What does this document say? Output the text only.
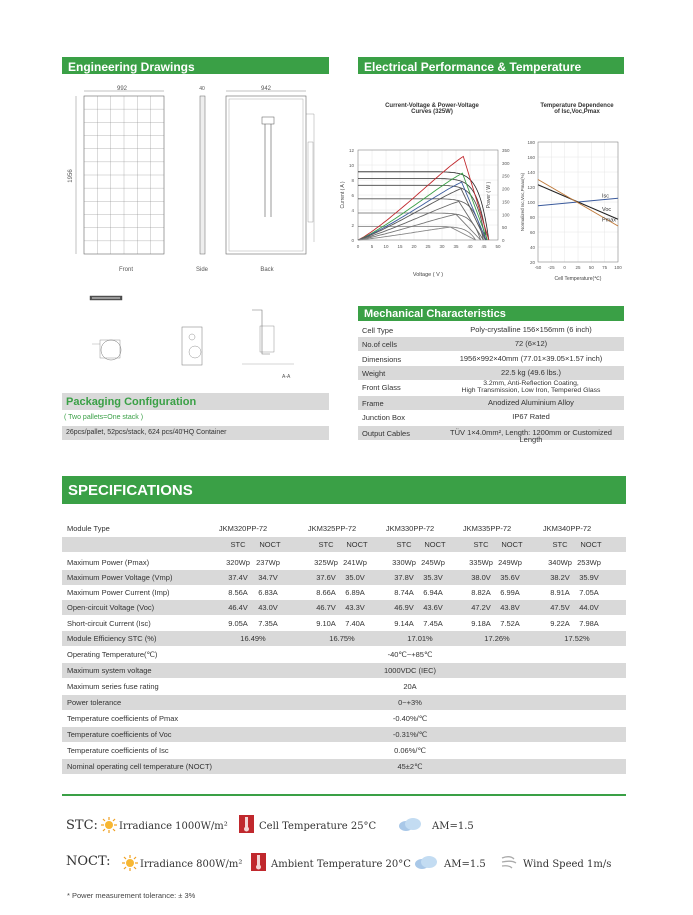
Engineering Drawings	Electrical Performance & Temperature Dependence
992
1956
40	942
Front	Side	Back
A-A
Current-Voltage & Power-Voltage
Curves (325W)
0
2
4
6
8
10
12
0
50
100
150
200
250
300
350
0	5 10 15 20 25 30 35 40 45 50
Voltage ( V )
Current ( A )	Power ( W )
Temperature Dependence
of Isc,Voc,Pmax
20
40
60
80
100
120
140
160
180
-50 -25 0 25 50 75 100
Isc
Voc
Pmax
Cell Temperature(℃)
Normalized Isc,Voc,Pmax(%)
Mechanical Characteristics
Cell Type	Poly-crystalline 156×156mm (6 inch)
No.of cells	72 (6×12)
Dimensions	1956×992×40mm (77.01×39.05×1.57 inch)
Weight	22.5 kg (49.6 lbs.)
Front Glass	3.2mm, Anti-Reflection Coating,
High Transmission, Low Iron, Tempered Glass
Frame	Anodized Aluminium Alloy
Junction Box	IP67 Rated
Output Cables	TÜV 1×4.0mm², Length: 1200mm or Customized Length
Packaging Configuration
( Two pallets=One stack )
26pcs/pallet, 52pcs/stack, 624 pcs/40'HQ Container
SPECIFICATIONS
Module Type	JKM320PP-72	JKM325PP-72	JKM330PP-72	JKM335PP-72	JKM340PP-72
STC	NOCT	STC	NOCT	STC	NOCT	STC	NOCT	STC	NOCT
Maximum Power (Pmax)	320Wp 237Wp	325Wp 241Wp	330Wp 245Wp	335Wp 249Wp	340Wp 253Wp
Maximum Power Voltage (Vmp)	37.4V	34.7V	37.6V	35.0V	37.8V	35.3V	38.0V	35.6V	38.2V	35.9V
Maximum Power Current (Imp)	8.56A	6.83A	8.66A	6.89A	8.74A	6.94A	8.82A	6.99A	8.91A	7.05A
Open-circuit Voltage (Voc)	46.4V	43.0V	46.7V	43.3V	46.9V	43.6V	47.2V	43.8V	47.5V	44.0V
Short-circuit Current (Isc)	9.05A	7.35A	9.10A	7.40A	9.14A	7.45A	9.18A	7.52A	9.22A	7.98A
Module Efficiency STC (%)	16.49%	16.75%	17.01%	17.26%	17.52%
Operating Temperature(℃)	-40℃~+85℃
Maximum system voltage	1000VDC (IEC)
Maximum series fuse rating	20A
Power tolerance	0~+3%
Temperature coefficients of Pmax	-0.40%/℃
Temperature coefficients of Voc	-0.31%/℃
Temperature coefficients of Isc	0.06%/℃
Nominal operating cell temperature (NOCT)	45±2℃
STC: Irradiance 1000W/m²	Cell Temperature 25°C	AM=1.5
NOCT:	Irradiance 800W/m²	Ambient Temperature 20°C	AM=1.5	Wind Speed 1m/s
* Power measurement tolerance: ± 3%
